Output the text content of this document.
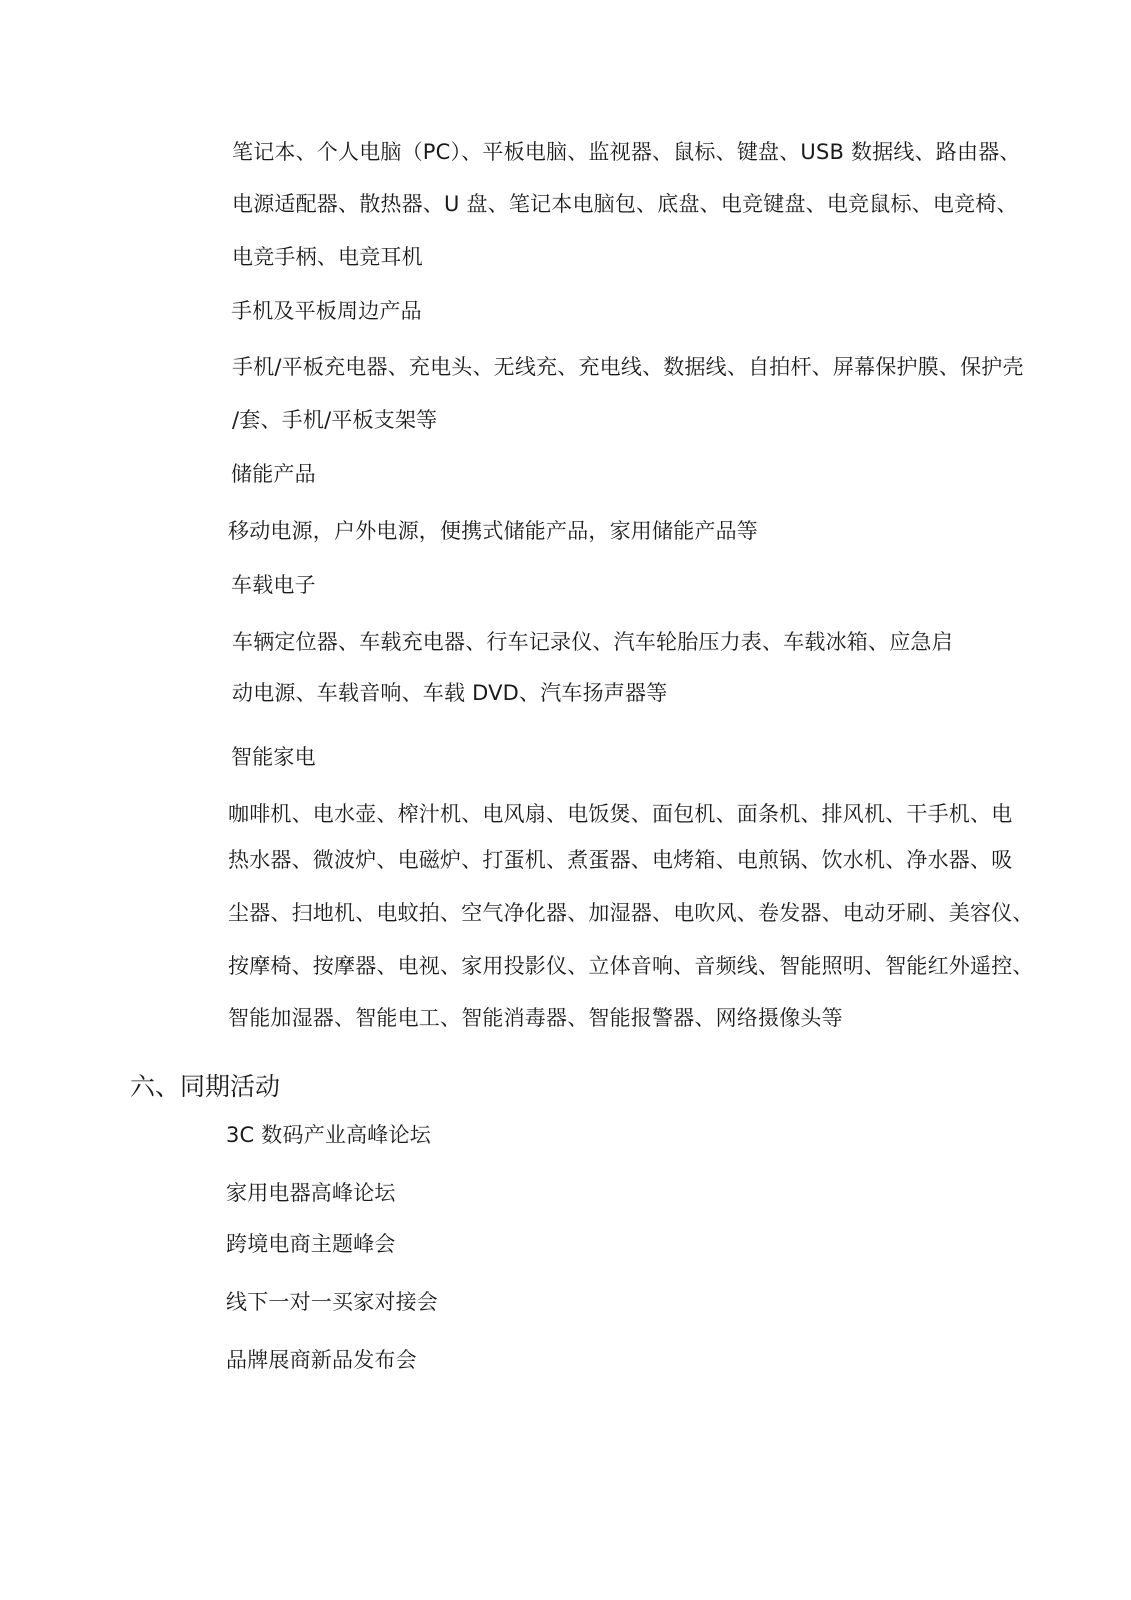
笔记本、个人电脑（PC）、平板电脑、监视器、鼠标、键盘、USB 数据线、路由器、
电源适配器、散热器、U 盘、笔记本电脑包、底盘、电竞键盘、电竞鼠标、电竞椅、
电竞手柄、电竞耳机
手机及平板周边产品
手机/平板充电器、充电头、无线充、充电线、数据线、自拍杆、屏幕保护膜、保护壳
/套、手机/平板支架等
储能产品
移动电源，户外电源，便携式储能产品，家用储能产品等
车载电子
车辆定位器、车载充电器、行车记录仪、汽车轮胎压力表、车载冰箱、应急启
动电源、车载音响、车载 DVD、汽车扬声器等
智能家电
咖啡机、电水壶、榨汁机、电风扇、电饭煲、面包机、面条机、排风机、干手机、电
热水器、微波炉、电磁炉、打蛋机、煮蛋器、电烤箱、电煎锅、饮水机、净水器、吸
尘器、扫地机、电蚊拍、空气净化器、加湿器、电吹风、卷发器、电动牙刷、美容仪、
按摩椅、按摩器、电视、家用投影仪、立体音响、音频线、智能照明、智能红外遥控、
智能加湿器、智能电工、智能消毒器、智能报警器、网络摄像头等
六、同期活动
3C 数码产业高峰论坛
家用电器高峰论坛
跨境电商主题峰会
线下一对一买家对接会
品牌展商新品发布会
